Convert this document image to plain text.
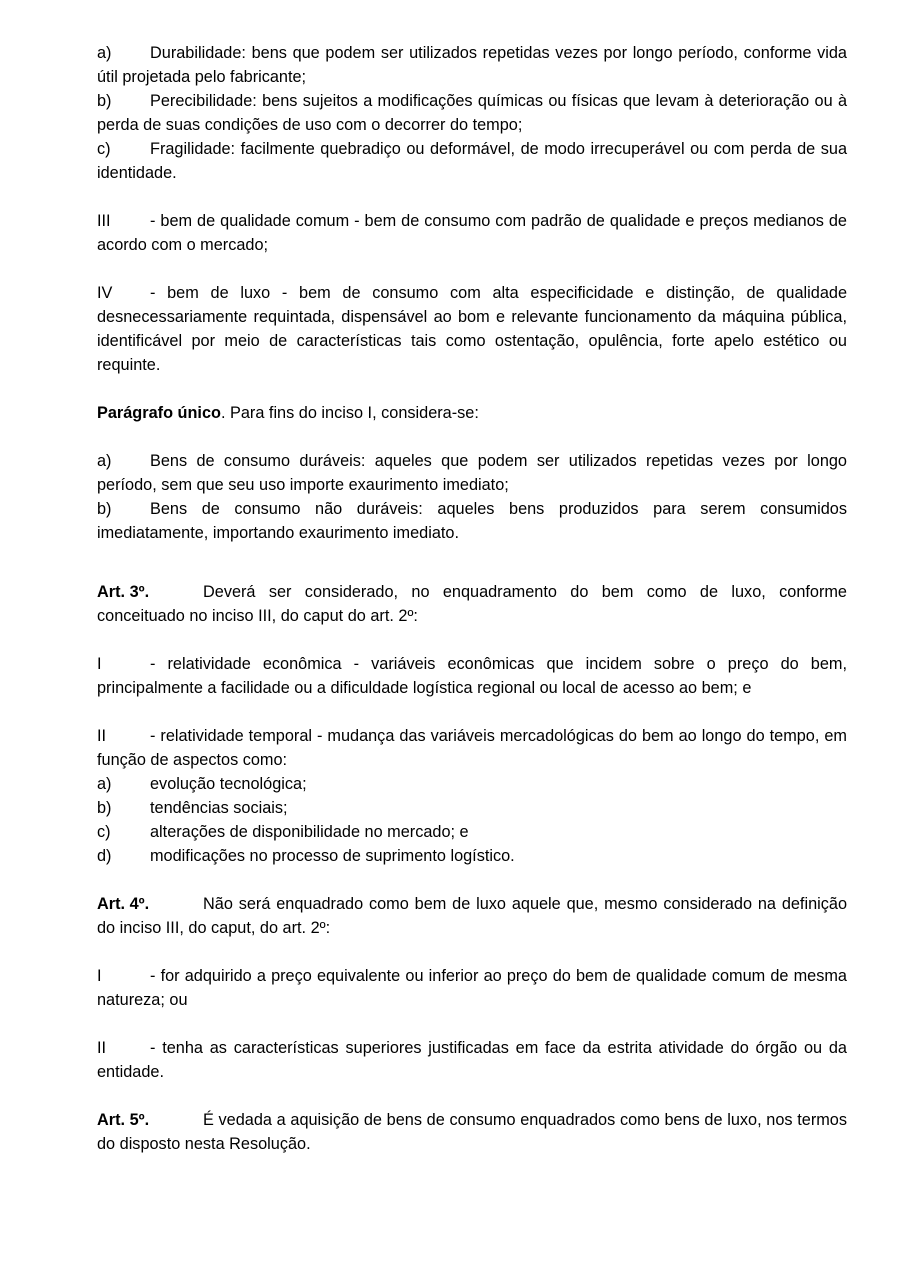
a) Durabilidade: bens que podem ser utilizados repetidas vezes por longo período, conforme vida útil projetada pelo fabricante;

b) Perecibilidade: bens sujeitos a modificações químicas ou físicas que levam à deterioração ou à perda de suas condições de uso com o decorrer do tempo;

c) Fragilidade: facilmente quebradiço ou deformável, de modo irrecuperável ou com perda de sua identidade.

III - bem de qualidade comum - bem de consumo com padrão de qualidade e preços medianos de acordo com o mercado;

IV - bem de luxo - bem de consumo com alta especificidade e distinção, de qualidade desnecessariamente requintada, dispensável ao bom e relevante funcionamento da máquina pública, identificável por meio de características tais como ostentação, opulência, forte apelo estético ou requinte.

Parágrafo único. Para fins do inciso I, considera-se:

a) Bens de consumo duráveis: aqueles que podem ser utilizados repetidas vezes por longo período, sem que seu uso importe exaurimento imediato;

b) Bens de consumo não duráveis: aqueles bens produzidos para serem consumidos imediatamente, importando exaurimento imediato.

Art. 3º.	Deverá ser considerado, no enquadramento do bem como de luxo, conforme conceituado no inciso III, do caput do art. 2º:

I	- relatividade econômica - variáveis econômicas que incidem sobre o preço do bem, principalmente a facilidade ou a dificuldade logística regional ou local de acesso ao bem; e

II	- relatividade temporal - mudança das variáveis mercadológicas do bem ao longo do tempo, em função de aspectos como:

a) evolução tecnológica;

b) tendências sociais;

c) alterações de disponibilidade no mercado; e

d) modificações no processo de suprimento logístico.

Art. 4º.	Não será enquadrado como bem de luxo aquele que, mesmo considerado na definição do inciso III, do caput, do art. 2º:

I	- for adquirido a preço equivalente ou inferior ao preço do bem de qualidade comum de mesma natureza; ou

II	- tenha as características superiores justificadas em face da estrita atividade do órgão ou da entidade.

Art. 5º.	É vedada a aquisição de bens de consumo enquadrados como bens de luxo, nos termos do disposto nesta Resolução.
